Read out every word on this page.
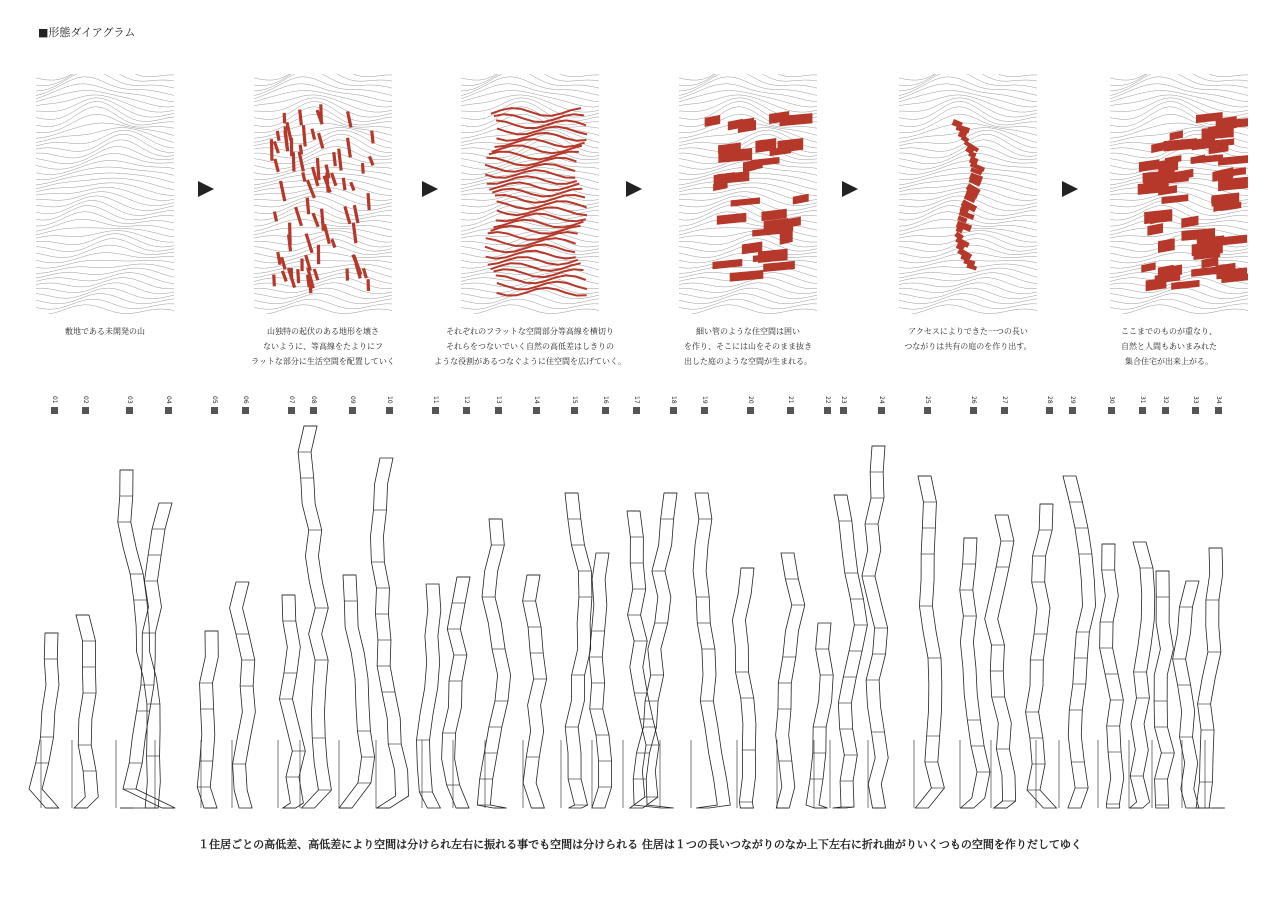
■形態ダイアグラム
敷地である未開発の山	山独特の起伏のある地形を壊さ
ないように、等高線をたよりにフ
ラットな部分に生活空間を配置していく
それぞれのフラットな空間部分等高線を横切り
それらをつないでいく自然の高低差はしきりの
ような役割があるつなぐように住空間を広げていく。
細い管のような住空間は囲い
を作り、そこには山をそのまま抜き
出した庭のような空間が生まれる。
アクセスによりできた一つの長い
つながりは共有の庭のを作り出す。
ここまでのものが重なり、
自然と人間もあいまみれた
集合住宅が出来上がる。
01	02	03	04	05	06	07	08	09	10	11	12	13	14	15	16	17	18	19	20	21	22 23	24	25	26	27	28	29	30	31	32	33	34
１住居ごとの高低差、高低差により空間は分けられ左右に振れる事でも空間は分けられる 住居は１つの長いつながりのなか上下左右に折れ曲がりいくつもの空間を作りだしてゆく
